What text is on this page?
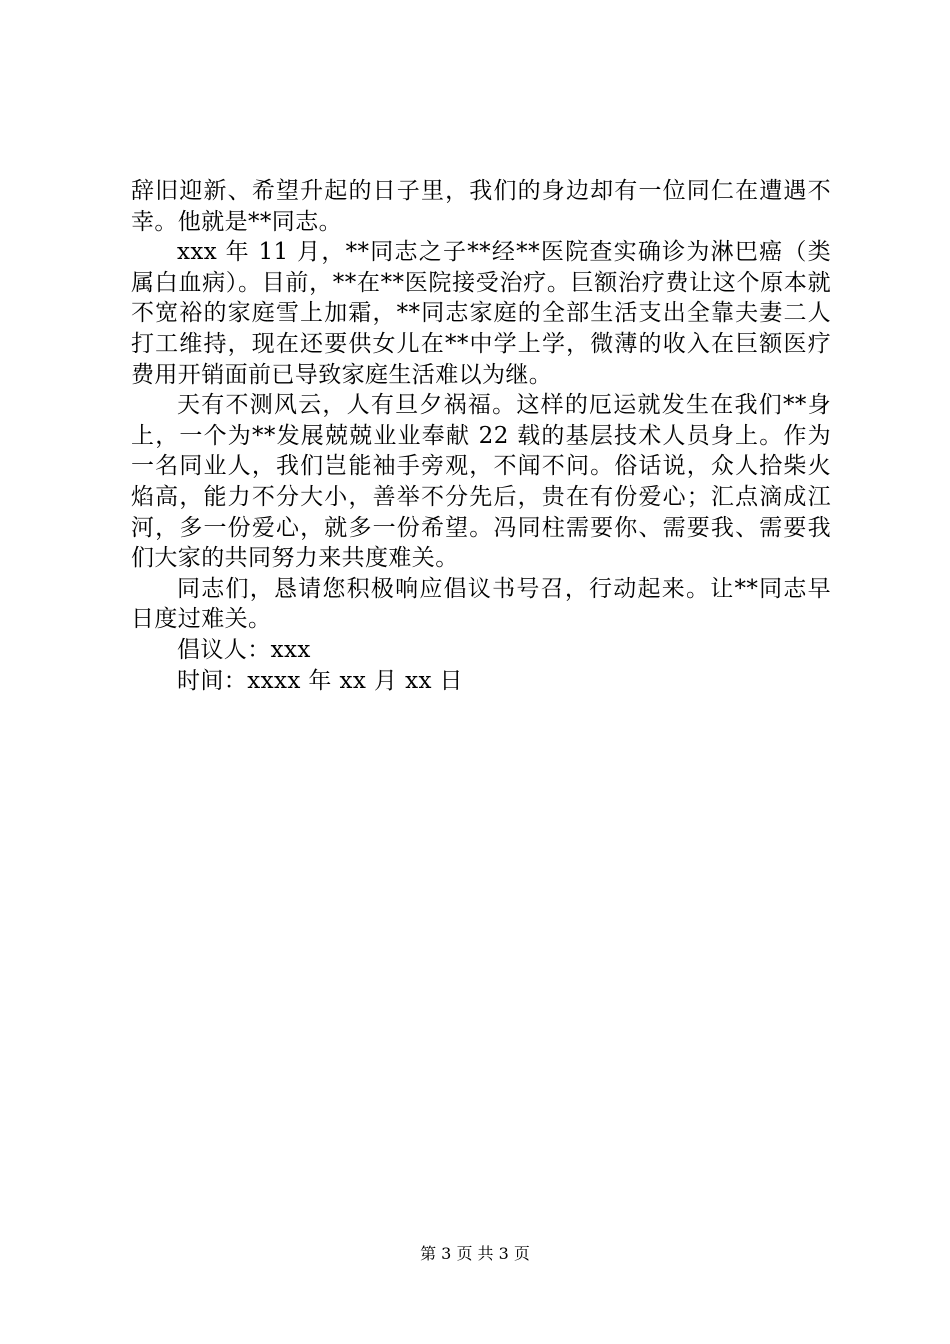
辞旧迎新、希望升起的日子里，我们的身边却有一位同仁在遭遇不幸。他就是**同志。

xxx 年 11 月，**同志之子**经**医院查实确诊为淋巴癌（类属白血病）。目前，**在**医院接受治疗。巨额治疗费让这个原本就不宽裕的家庭雪上加霜，**同志家庭的全部生活支出全靠夫妻二人打工维持，现在还要供女儿在**中学上学，微薄的收入在巨额医疗费用开销面前已导致家庭生活难以为继。

天有不测风云，人有旦夕祸福。这样的厄运就发生在我们**身上，一个为**发展兢兢业业奉献 22 载的基层技术人员身上。作为一名同业人，我们岂能袖手旁观，不闻不问。俗话说，众人拾柴火焰高，能力不分大小，善举不分先后，贵在有份爱心；汇点滴成江河，多一份爱心，就多一份希望。冯同柱需要你、需要我、需要我们大家的共同努力来共度难关。

同志们，恳请您积极响应倡议书号召，行动起来。让**同志早日度过难关。

倡议人：xxx

时间：xxxx 年 xx 月 xx 日

第 3 页 共 3 页
